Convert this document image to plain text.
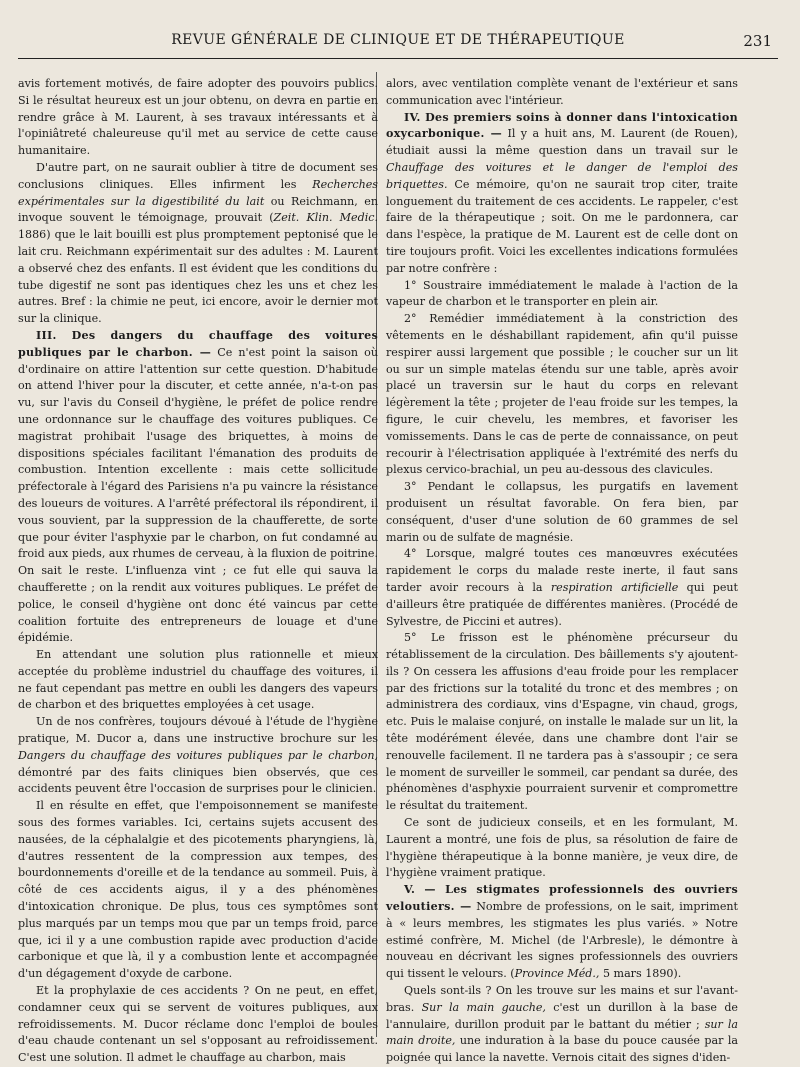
REVUE GÉNÉRALE DE CLINIQUE ET DE THÉRAPEUTIQUE	231

avis fortement motivés, de faire adopter des pouvoirs publics. Si le résultat heureux est un jour obtenu, on devra en partie en rendre grâce à M. Laurent, à ses travaux intéressants et à l'opiniâtreté chaleureuse qu'il met au service de cette cause humanitaire.

D'autre part, on ne saurait oublier à titre de document ses conclusions cliniques. Elles infirment les Recherches expérimentales sur la digestibilité du lait ou Reichmann, en invoque souvent le témoignage, prouvait (Zeit. Klin. Medic. 1886) que le lait bouilli est plus promptement peptonisé que le lait cru. Reichmann expérimentait sur des adultes : M. Laurent a observé chez des enfants. Il est évident que les conditions du tube digestif ne sont pas identiques chez les uns et chez les autres. Bref : la chimie ne peut, ici encore, avoir le dernier mot sur la clinique.

III. Des dangers du chauffage des voitures publiques par le charbon. — Ce n'est point la saison où d'ordinaire on attire l'attention sur cette question. D'habitude on attend l'hiver pour la discuter, et cette année, n'a-t-on pas vu, sur l'avis du Conseil d'hygiène, le préfet de police rendre une ordonnance sur le chauffage des voitures publiques. Ce magistrat prohibait l'usage des briquettes, à moins de dispositions spéciales facilitant l'émanation des produits de combustion. Intention excellente : mais cette sollicitude préfectorale à l'égard des Parisiens n'a pu vaincre la résistance des loueurs de voitures. A l'arrêté préfectoral ils répondirent, il vous souvient, par la suppression de la chaufferette, de sorte que pour éviter l'asphyxie par le charbon, on fut condamné au froid aux pieds, aux rhumes de cerveau, à la fluxion de poitrine. On sait le reste. L'influenza vint ; ce fut elle qui sauva la chaufferette ; on la rendit aux voitures publiques. Le préfet de police, le conseil d'hygiène ont donc été vaincus par cette coalition fortuite des entrepreneurs de louage et d'une épidémie.

En attendant une solution plus rationnelle et mieux acceptée du problème industriel du chauffage des voitures, il ne faut cependant pas mettre en oubli les dangers des vapeurs de charbon et des briquettes employées à cet usage.

Un de nos confrères, toujours dévoué à l'étude de l'hygiène pratique, M. Ducor a, dans une instructive brochure sur les Dangers du chauffage des voitures publiques par le charbon, démontré par des faits cliniques bien observés, que ces accidents peuvent être l'occasion de surprises pour le clinicien.

Il en résulte en effet, que l'empoisonnement se manifeste sous des formes variables. Ici, certains sujets accusent des nausées, de la céphalalgie et des picotements pharyngiens, là, d'autres ressentent de la compression aux tempes, des bourdonnements d'oreille et de la tendance au sommeil. Puis, à côté de ces accidents aigus, il y a des phénomènes d'intoxication chronique. De plus, tous ces symptômes sont plus marqués par un temps mou que par un temps froid, parce que, ici il y a une combustion rapide avec production d'acide carbonique et que là, il y a combustion lente et accompagnée d'un dégagement d'oxyde de carbone.

Et la prophylaxie de ces accidents ? On ne peut, en effet, condamner ceux qui se servent de voitures publiques, aux refroidissements. M. Ducor réclame donc l'emploi de boules d'eau chaude contenant un sel s'opposant au refroidissement. C'est une solution. Il admet le chauffage au charbon, mais

alors, avec ventilation complète venant de l'extérieur et sans communication avec l'intérieur.

IV. Des premiers soins à donner dans l'intoxication oxycarbonique. — Il y a huit ans, M. Laurent (de Rouen), étudiait aussi la même question dans un travail sur le Chauffage des voitures et le danger de l'emploi des briquettes. Ce mémoire, qu'on ne saurait trop citer, traite longuement du traitement de ces accidents. Le rappeler, c'est faire de la thérapeutique ; soit. On me le pardonnera, car dans l'espèce, la pratique de M. Laurent est de celle dont on tire toujours profit. Voici les excellentes indications formulées par notre confrère :

1° Soustraire immédiatement le malade à l'action de la vapeur de charbon et le transporter en plein air.

2° Remédier immédiatement à la constriction des vêtements en le déshabillant rapidement, afin qu'il puisse respirer aussi largement que possible ; le coucher sur un lit ou sur un simple matelas étendu sur une table, après avoir placé un traversin sur le haut du corps en relevant légèrement la tête ; projeter de l'eau froide sur les tempes, la figure, le cuir chevelu, les membres, et favoriser les vomissements. Dans le cas de perte de connaissance, on peut recourir à l'électrisation appliquée à l'extrémité des nerfs du plexus cervico-brachial, un peu au-dessous des clavicules.

3° Pendant le collapsus, les purgatifs en lavement produisent un résultat favorable. On fera bien, par conséquent, d'user d'une solution de 60 grammes de sel marin ou de sulfate de magnésie.

4° Lorsque, malgré toutes ces manœuvres exécutées rapidement le corps du malade reste inerte, il faut sans tarder avoir recours à la respiration artificielle qui peut d'ailleurs être pratiquée de différentes manières. (Procédé de Sylvestre, de Piccini et autres).

5° Le frisson est le phénomène précurseur du rétablissement de la circulation. Des bâillements s'y ajoutent-ils ? On cessera les affusions d'eau froide pour les remplacer par des frictions sur la totalité du tronc et des membres ; on administrera des cordiaux, vins d'Espagne, vin chaud, grogs, etc. Puis le malaise conjuré, on installe le malade sur un lit, la tête modérément élevée, dans une chambre dont l'air se renouvelle facilement. Il ne tardera pas à s'assoupir ; ce sera le moment de surveiller le sommeil, car pendant sa durée, des phénomènes d'asphyxie pourraient survenir et compromettre le résultat du traitement.

Ce sont de judicieux conseils, et en les formulant, M. Laurent a montré, une fois de plus, sa résolution de faire de l'hygiène thérapeutique à la bonne manière, je veux dire, de l'hygiène vraiment pratique.

V. — Les stigmates professionnels des ouvriers veloutiers. — Nombre de professions, on le sait, impriment à « leurs membres, les stigmates les plus variés. » Notre estimé confrère, M. Michel (de l'Arbresle), le démontre à nouveau en décrivant les signes professionnels des ouvriers qui tissent le velours. (Province Méd., 5 mars 1890).

Quels sont-ils ? On les trouve sur les mains et sur l'avant-bras. Sur la main gauche, c'est un durillon à la base de l'annulaire, durillon produit par le battant du métier ; sur la main droite, une induration à la base du pouce causée par la poignée qui lance la navette. Vernois citait des signes d'iden-
